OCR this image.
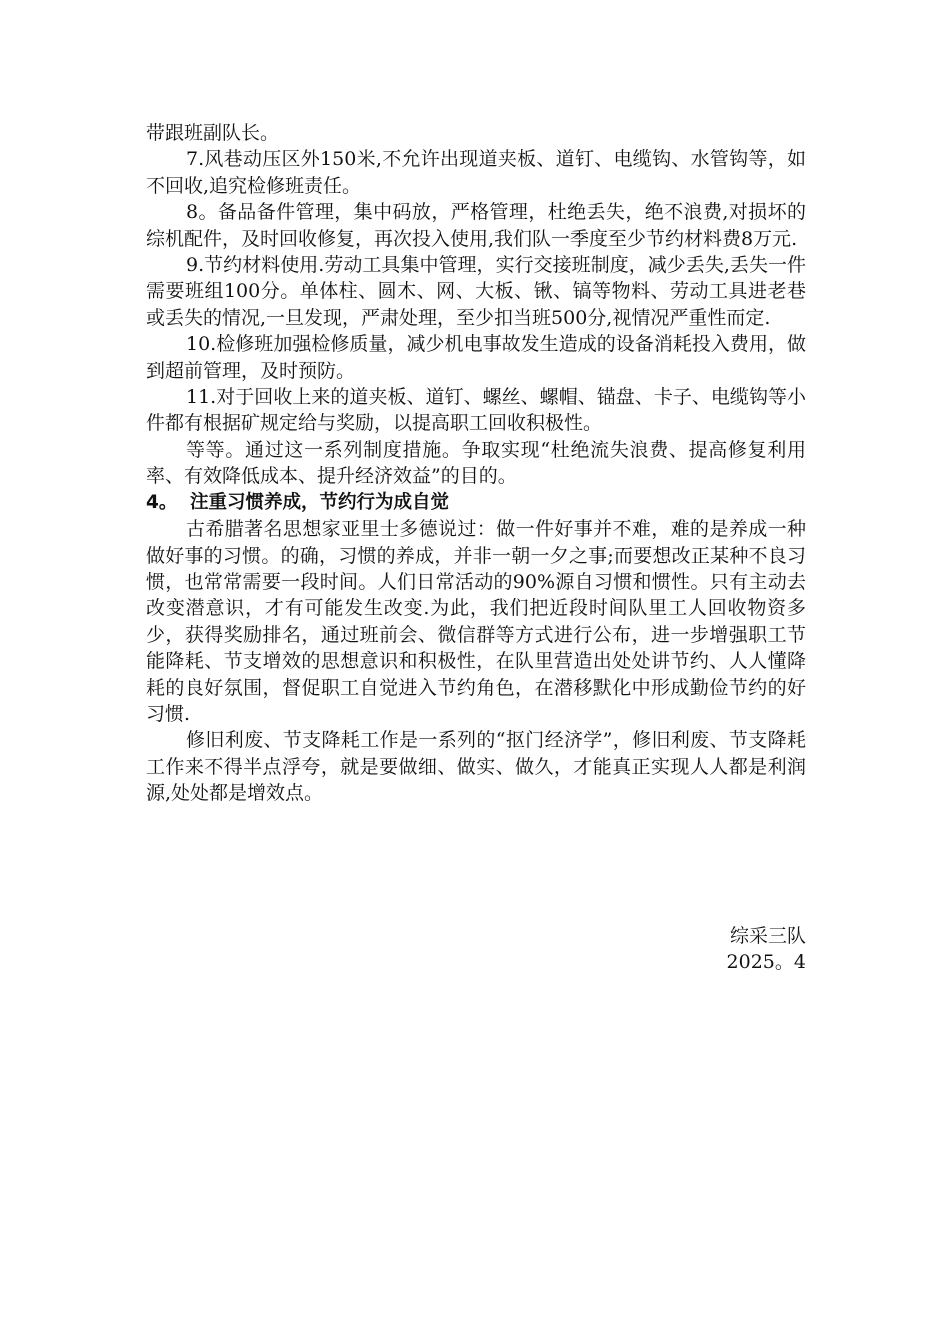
带跟班副队长。

7.风巷动压区外150米,不允许出现道夹板、道钉、电缆钩、水管钩等，如不回收,追究检修班责任。

8。备品备件管理，集中码放，严格管理，杜绝丢失，绝不浪费,对损坏的综机配件，及时回收修复，再次投入使用,我们队一季度至少节约材料费8万元.

9.节约材料使用.劳动工具集中管理，实行交接班制度，减少丢失,丢失一件需要班组100分。单体柱、圆木、网、大板、锹、镐等物料、劳动工具进老巷或丢失的情况,一旦发现，严肃处理，至少扣当班500分,视情况严重性而定.

10.检修班加强检修质量，减少机电事故发生造成的设备消耗投入费用，做到超前管理，及时预防。

11.对于回收上来的道夹板、道钉、螺丝、螺帽、锚盘、卡子、电缆钩等小件都有根据矿规定给与奖励，以提高职工回收积极性。

等等。通过这一系列制度措施。争取实现“杜绝流失浪费、提高修复利用率、有效降低成本、提升经济效益”的目的。

4。 注重习惯养成，节约行为成自觉

古希腊著名思想家亚里士多德说过：做一件好事并不难，难的是养成一种做好事的习惯。的确，习惯的养成，并非一朝一夕之事;而要想改正某种不良习惯，也常常需要一段时间。人们日常活动的90%源自习惯和惯性。只有主动去改变潜意识，才有可能发生改变.为此，我们把近段时间队里工人回收物资多少，获得奖励排名，通过班前会、微信群等方式进行公布，进一步增强职工节能降耗、节支增效的思想意识和积极性，在队里营造出处处讲节约、人人懂降耗的良好氛围，督促职工自觉进入节约角色，在潜移默化中形成勤俭节约的好习惯.

修旧利废、节支降耗工作是一系列的“抠门经济学”，修旧利废、节支降耗工作来不得半点浮夸，就是要做细、做实、做久，才能真正实现人人都是利润源,处处都是增效点。

综采三队
2025。4
